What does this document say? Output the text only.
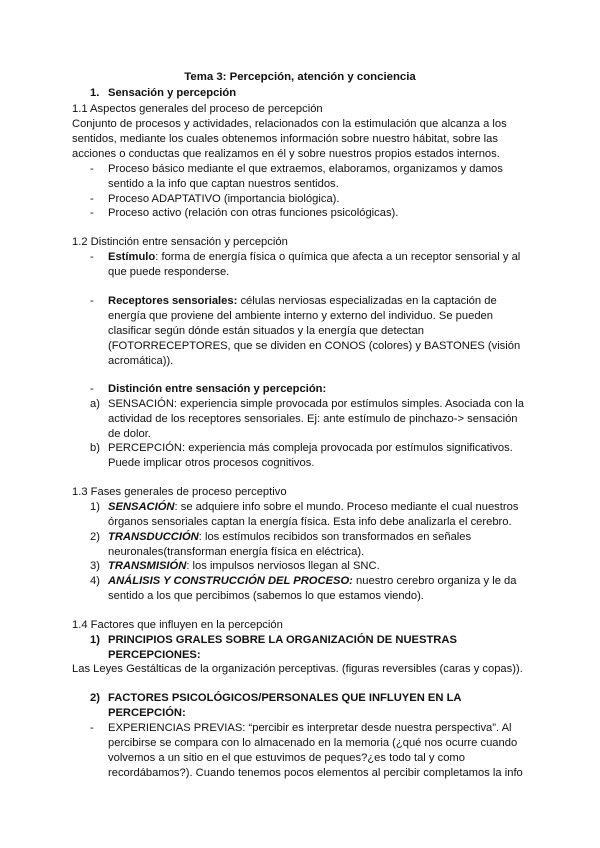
Tema 3: Percepción, atención y conciencia
1. Sensación y percepción
1.1 Aspectos generales del proceso de percepción
Conjunto de procesos y actividades, relacionados con la estimulación que alcanza a los
sentidos, mediante los cuales obtenemos información sobre nuestro hábitat, sobre las
acciones o conductas que realizamos en él y sobre nuestros propios estados internos.
- Proceso básico mediante el que extraemos, elaboramos, organizamos y damos
sentido a la info que captan nuestros sentidos.
- Proceso ADAPTATIVO (importancia biológica).
- Proceso activo (relación con otras funciones psicológicas).
1.2 Distinción entre sensación y percepción
- Estímulo: forma de energía física o química que afecta a un receptor sensorial y al
que puede responderse.
- Receptores sensoriales: células nerviosas especializadas en la captación de
energía que proviene del ambiente interno y externo del individuo. Se pueden
clasificar según dónde están situados y la energía que detectan
(FOTORRECEPTORES, que se dividen en CONOS (colores) y BASTONES (visión
acromática)).
- Distinción entre sensación y percepción:
a) SENSACIÓN: experiencia simple provocada por estímulos simples. Asociada con la
actividad de los receptores sensoriales. Ej: ante estímulo de pinchazo-> sensación
de dolor.
b) PERCEPCIÓN: experiencia más compleja provocada por estímulos significativos.
Puede implicar otros procesos cognitivos.
1.3 Fases generales de proceso perceptivo
1) SENSACIÓN: se adquiere info sobre el mundo. Proceso mediante el cual nuestros
órganos sensoriales captan la energía física. Esta info debe analizarla el cerebro.
2) TRANSDUCCIÓN: los estímulos recibidos son transformados en señales
neuronales(transforman energía física en eléctrica).
3) TRANSMISIÓN: los impulsos nerviosos llegan al SNC.
4) ANÁLISIS Y CONSTRUCCIÓN DEL PROCESO: nuestro cerebro organiza y le da
sentido a los que percibimos (sabemos lo que estamos viendo).
1.4 Factores que influyen en la percepción
1) PRINCIPIOS GRALES SOBRE LA ORGANIZACIÓN DE NUESTRAS
PERCEPCIONES:
Las Leyes Gestálticas de la organización perceptivas. (figuras reversibles (caras y copas)).
2) FACTORES PSICOLÓGICOS/PERSONALES QUE INFLUYEN EN LA
PERCEPCIÓN:
- EXPERIENCIAS PREVIAS: “percibir es interpretar desde nuestra perspectiva”. Al
percibirse se compara con lo almacenado en la memoria (¿qué nos ocurre cuando
volvemos a un sitio en el que estuvimos de peques?¿es todo tal y como
recordábamos?). Cuando tenemos pocos elementos al percibir completamos la info
